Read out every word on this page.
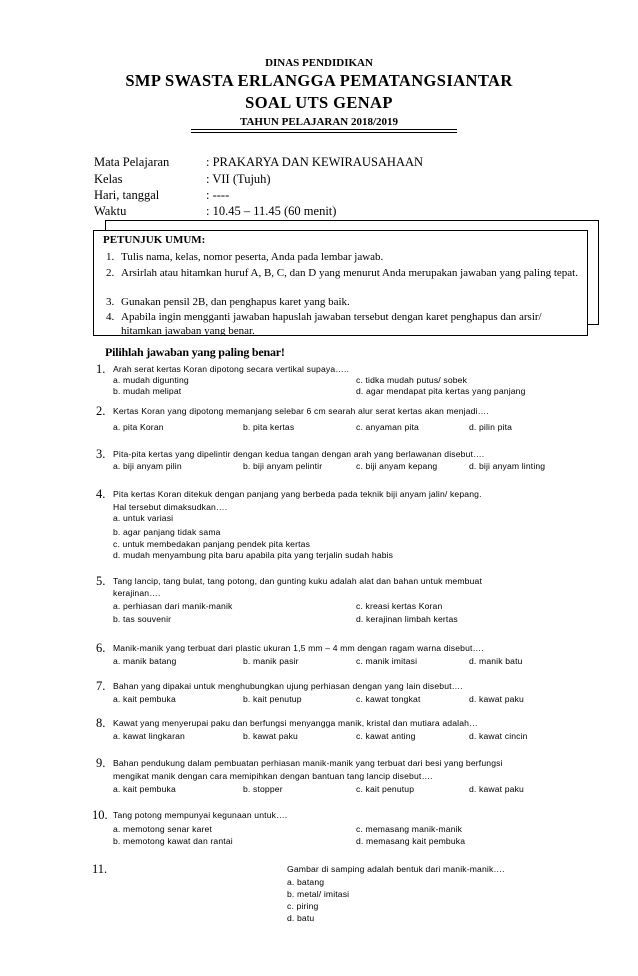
DINAS PENDIDIKAN
SMP SWASTA ERLANGGA PEMATANGSIANTAR
SOAL UTS GENAP
TAHUN PELAJARAN 2018/2019
Mata Pelajaran	: PRAKARYA DAN KEWIRAUSAHAAN
Kelas	: VII (Tujuh)
Hari, tanggal	: ----
Waktu	: 10.45 – 11.45 (60 menit)
PETUNJUK UMUM:
1. Tulis nama, kelas, nomor peserta, Anda pada lembar jawab.
2. Arsirlah atau hitamkan huruf A, B, C, dan D yang menurut Anda merupakan jawaban yang paling tepat.
3. Gunakan pensil 2B, dan penghapus karet yang baik.
4. Apabila ingin mengganti jawaban hapuslah jawaban tersebut dengan karet penghapus dan arsir/ hitamkan jawaban yang benar.
Pilihlah jawaban yang paling benar!
1. Arah serat kertas Koran dipotong secara vertikal supaya…..
a. mudah digunting	c. tidka mudah putus/ sobek
b. mudah melipat	d. agar mendapat pita kertas yang panjang
2. Kertas Koran yang dipotong memanjang selebar 6 cm searah alur serat kertas akan menjadi….
a. pita Koran	b. pita kertas	c. anyaman pita	d. pilin pita
3. Pita-pita kertas yang dipelintir dengan kedua tangan dengan arah yang berlawanan disebut….
a. biji anyam pilin	b. biji anyam pelintir	c. biji anyam kepang	d. biji anyam linting
4. Pita kertas Koran ditekuk dengan panjang yang berbeda pada teknik biji anyam jalin/ kepang.
Hal tersebut dimaksudkan….
a. untuk variasi
b. agar panjang tidak sama
c. untuk membedakan panjang pendek pita kertas
d. mudah menyambung pita baru apabila pita yang terjalin sudah habis
5. Tang lancip, tang bulat, tang potong, dan gunting kuku adalah alat dan bahan untuk membuat
kerajinan….
a. perhiasan dari manik-manik	c. kreasi kertas Koran
b. tas souvenir	d. kerajinan limbah kertas
6. Manik-manik yang terbuat dari plastic ukuran 1,5 mm – 4 mm dengan ragam warna disebut….
a. manik batang	b. manik pasir	c. manik imitasi	d. manik batu
7. Bahan yang dipakai untuk menghubungkan ujung perhiasan dengan yang lain disebut….
a. kait pembuka	b. kait penutup	c. kawat tongkat	d. kawat paku
8. Kawat yang menyerupai paku dan berfungsi menyangga manik, kristal dan mutiara adalah…
a. kawat lingkaran	b. kawat paku	c. kawat anting	d. kawat cincin
9. Bahan pendukung dalam pembuatan perhiasan manik-manik yang terbuat dari besi yang berfungsi
mengikat manik dengan cara memipihkan dengan bantuan tang lancip disebut….
a. kait pembuka	b. stopper	c. kait penutup	d. kawat paku
10. Tang potong mempunyai kegunaan untuk….
a. memotong senar karet	c. memasang manik-manik
b. memotong kawat dan rantai	d. memasang kait pembuka
11.	Gambar di samping adalah bentuk dari manik-manik….
a. batang
b. metal/ imitasi
c. piring
d. batu
